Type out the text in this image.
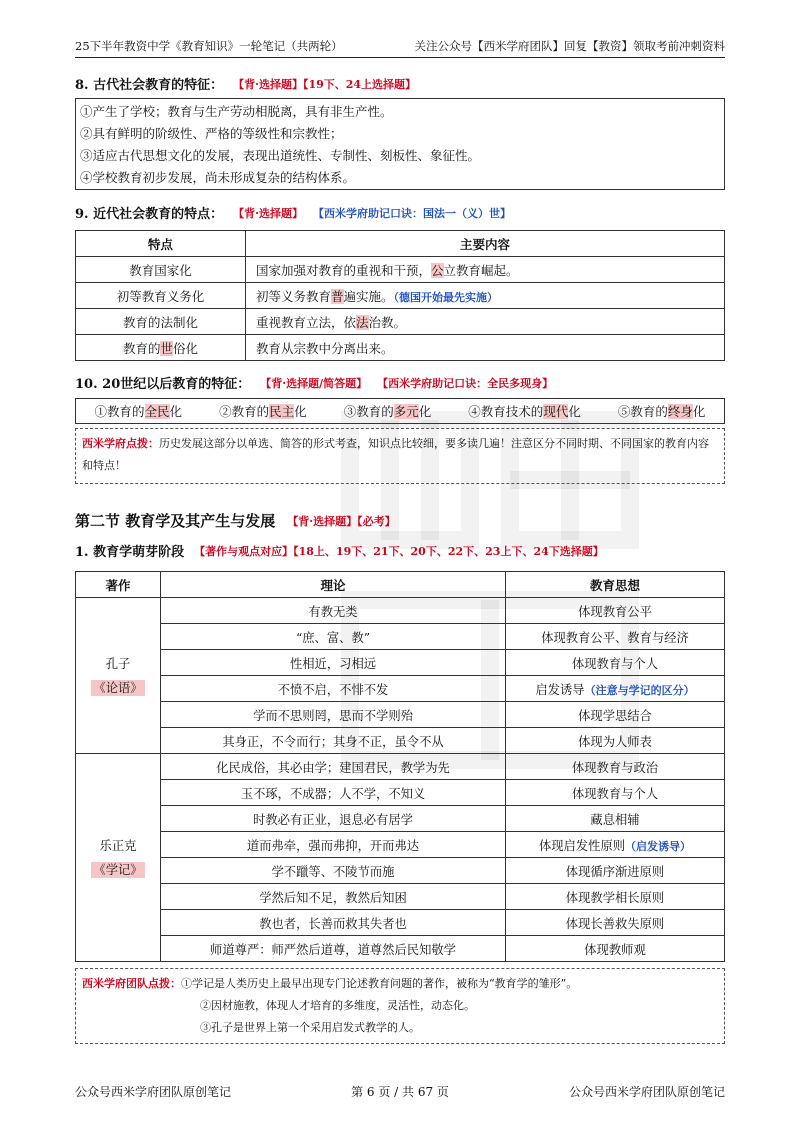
25下半年教资中学《教育知识》一轮笔记（共两轮）	关注公众号【西米学府团队】回复【教资】领取考前冲刺资料
8. 古代社会教育的特征： 【背·选择题】【19下、24上选择题】
①产生了学校；教育与生产劳动相脱离，具有非生产性。
②具有鲜明的阶级性、严格的等级性和宗教性；
③适应古代思想文化的发展，表现出道统性、专制性、刻板性、象征性。
④学校教育初步发展，尚未形成复杂的结构体系。
9. 近代社会教育的特点： 【背·选择题】 【西米学府助记口诀：国法一（义）世】
特点	主要内容
教育国家化	国家加强对教育的重视和干预，公立教育崛起。
初等教育义务化	初等义务教育普遍实施。（德国开始最先实施）
教育的法制化	重视教育立法，依法治教。
教育的世俗化	教育从宗教中分离出来。
10. 20世纪以后教育的特征： 【背·选择题/简答题】 【西米学府助记口诀：全民多现身】
①教育的全民化	②教育的民主化	③教育的多元化	④教育技术的现代化	⑤教育的终身化
西米学府点拨：历史发展这部分以单选、简答的形式考查，知识点比较细，要多读几遍！注意区分不同时期、不同国家的教育内容和特点！
第二节 教育学及其产生与发展 【背·选择题】【必考】
1. 教育学萌芽阶段 【著作与观点对应】【18上、19下、21下、20下、22下、23上下、24下选择题】
著作	理论	教育思想

孔子
《论语》	有教无类	体现教育公平
	“庶、富、教”	体现教育公平、教育与经济
	性相近，习相远	体现教育与个人
	不愤不启，不悱不发	启发诱导（注意与学记的区分）
	学而不思则罔，思而不学则殆	体现学思结合
	其身正，不令而行；其身不正，虽令不从	体现为人师表

乐正克
《学记》	化民成俗，其必由学；建国君民，教学为先	体现教育与政治
	玉不琢，不成器；人不学，不知义	体现教育与个人
	时教必有正业，退息必有居学	藏息相辅
	道而弗牵，强而弗抑，开而弗达	体现启发性原则（启发诱导）
	学不躐等、不陵节而施	体现循序渐进原则
	学然后知不足，教然后知困	体现教学相长原则
	教也者，长善而救其失者也	体现长善救失原则
	师道尊严：师严然后道尊，道尊然后民知敬学	体现教师观
西米学府团队点拨：①学记是人类历史上最早出现专门论述教育问题的著作，被称为“教育学的雏形”。
②因材施教，体现人才培育的多维度，灵活性，动态化。
③孔子是世界上第一个采用启发式教学的人。
公众号西米学府团队原创笔记	第 6 页 / 共 67 页	公众号西米学府团队原创笔记
